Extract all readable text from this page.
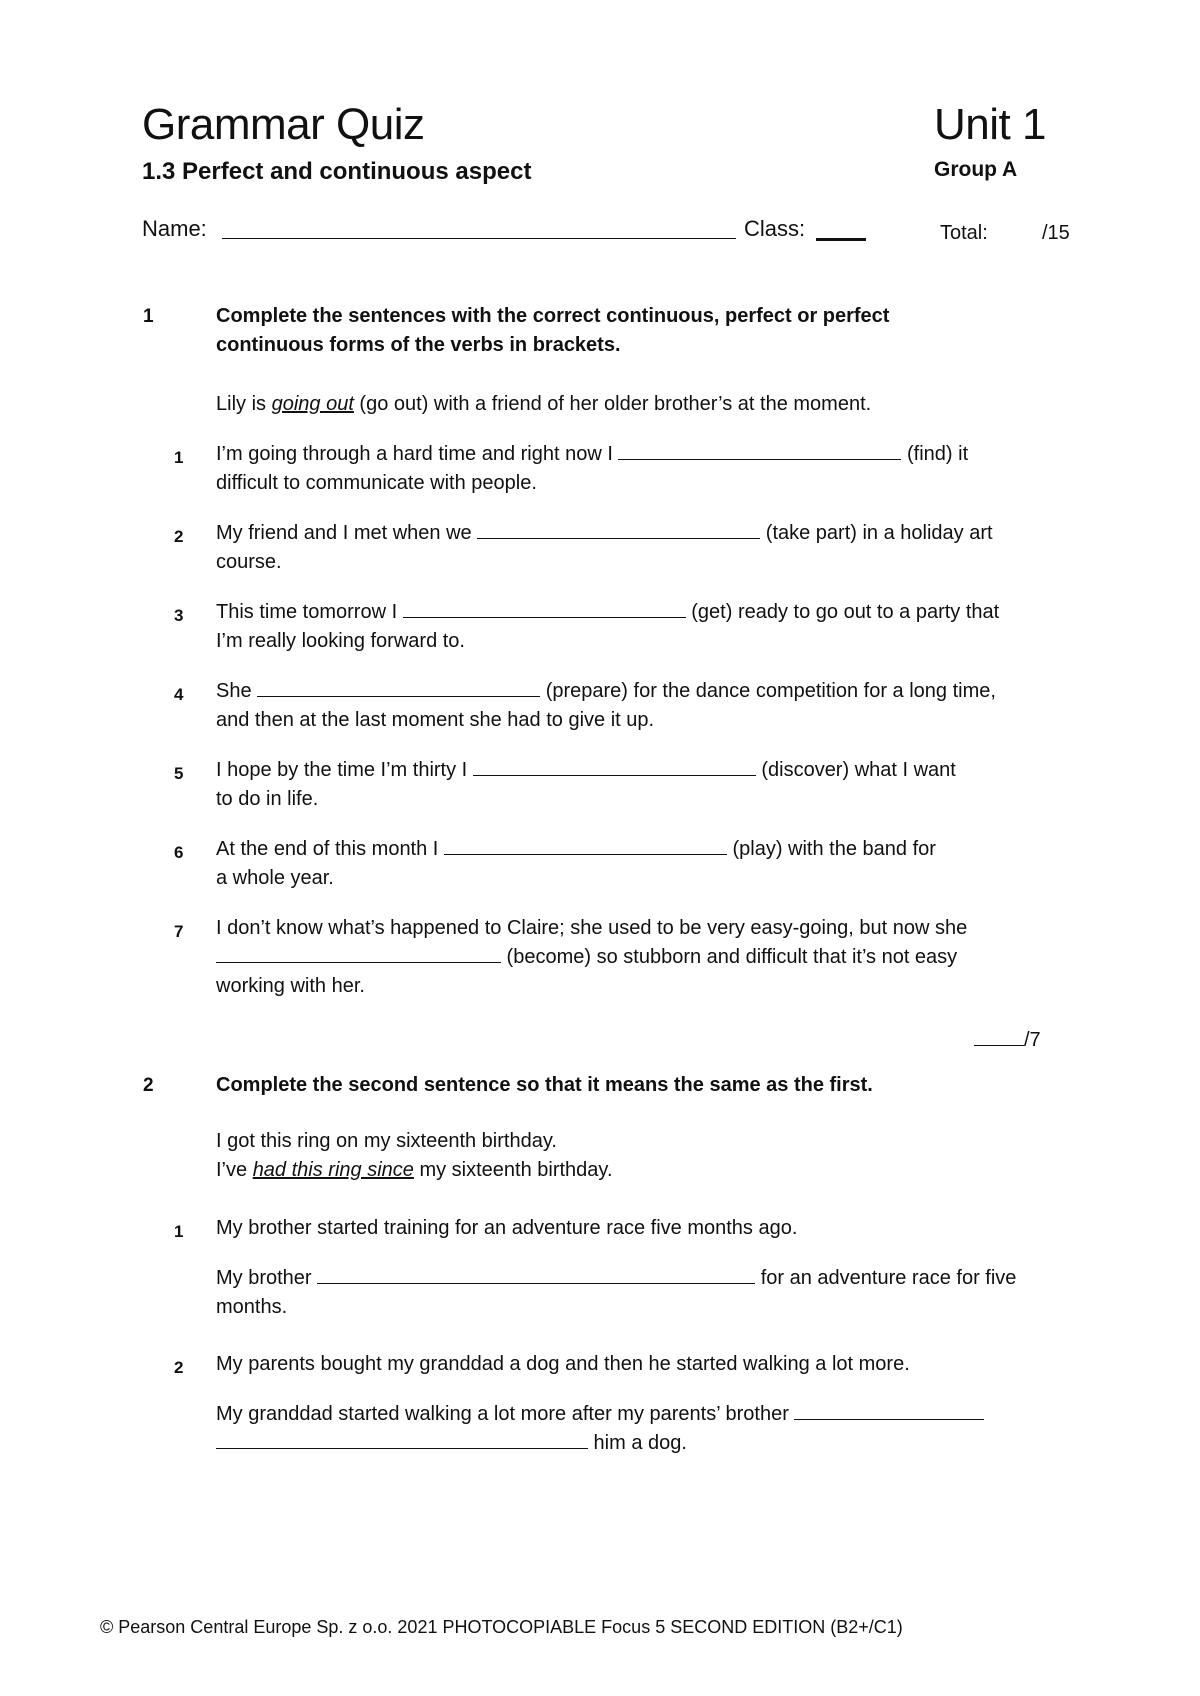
Grammar Quiz	Unit 1
1.3 Perfect and continuous aspect	Group A
Name:	Class:	Total:	/15
1	Complete the sentences with the correct continuous, perfect or perfect
continuous forms of the verbs in brackets.
Lily is going out (go out) with a friend of her older brother’s at the moment.
1 I’m going through a hard time and right now I	(find) it
difficult to communicate with people.
2 My friend and I met when we	(take part) in a holiday art
course.
3 This time tomorrow I	(get) ready to go out to a party that
I’m really looking forward to.
4 She	(prepare) for the dance competition for a long time,
and then at the last moment she had to give it up.
5 I hope by the time I’m thirty I	(discover) what I want
to do in life.
6 At the end of this month I	(play) with the band for
a whole year.
7 I don’t know what’s happened to Claire; she used to be very easy-going, but now she
(become) so stubborn and difficult that it’s not easy
working with her.
/7
2	Complete the second sentence so that it means the same as the first.
I got this ring on my sixteenth birthday.
I’ve had this ring since my sixteenth birthday.
1 My brother started training for an adventure race five months ago.
My brother	for an adventure race for five
months.
2 My parents bought my granddad a dog and then he started walking a lot more.
My granddad started walking a lot more after my parents’ brother
him a dog.
© Pearson Central Europe Sp. z o.o. 2021 PHOTOCOPIABLE Focus 5 SECOND EDITION (B2+/C1)
